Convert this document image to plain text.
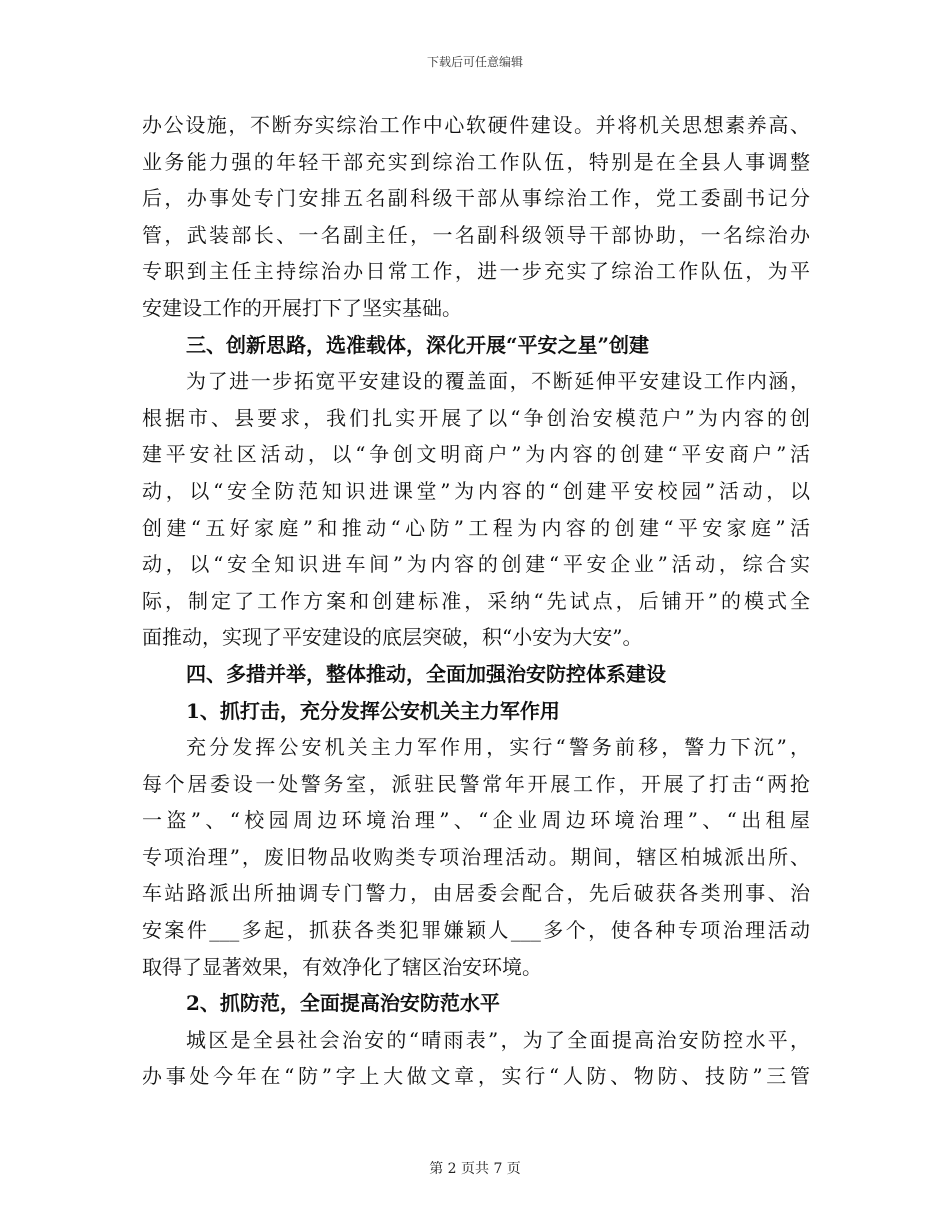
下载后可任意编辑
办公设施，不断夯实综治工作中心软硬件建设。并将机关思想素养高、
业务能力强的年轻干部充实到综治工作队伍，特别是在全县人事调整
后，办事处专门安排五名副科级干部从事综治工作，党工委副书记分
管，武装部长、一名副主任，一名副科级领导干部协助，一名综治办
专职到主任主持综治办日常工作，进一步充实了综治工作队伍，为平
安建设工作的开展打下了坚实基础。
三、创新思路，选准载体，深化开展“平安之星”创建
为了进一步拓宽平安建设的覆盖面，不断延伸平安建设工作内涵，
根据市、县要求，我们扎实开展了以“争创治安模范户”为内容的创
建平安社区活动，以“争创文明商户”为内容的创建“平安商户”活
动，以“安全防范知识进课堂”为内容的“创建平安校园”活动，以
创建“五好家庭”和推动“心防”工程为内容的创建“平安家庭”活
动，以“安全知识进车间”为内容的创建“平安企业”活动，综合实
际，制定了工作方案和创建标准，采纳“先试点，后铺开”的模式全
面推动，实现了平安建设的底层突破，积“小安为大安”。
四、多措并举，整体推动，全面加强治安防控体系建设
1、抓打击，充分发挥公安机关主力军作用
充分发挥公安机关主力军作用，实行“警务前移，警力下沉”，
每个居委设一处警务室，派驻民警常年开展工作，开展了打击“两抢
一盗”、“校园周边环境治理”、“企业周边环境治理”、“出租屋
专项治理”，废旧物品收购类专项治理活动。期间，辖区柏城派出所、
车站路派出所抽调专门警力，由居委会配合，先后破获各类刑事、治
安案件___多起，抓获各类犯罪嫌颖人___多个，使各种专项治理活动
取得了显著效果，有效净化了辖区治安环境。
2、抓防范，全面提高治安防范水平
城区是全县社会治安的“晴雨表”，为了全面提高治安防控水平，
办事处今年在“防”字上大做文章，实行“人防、物防、技防”三管
第 2 页共 7 页
